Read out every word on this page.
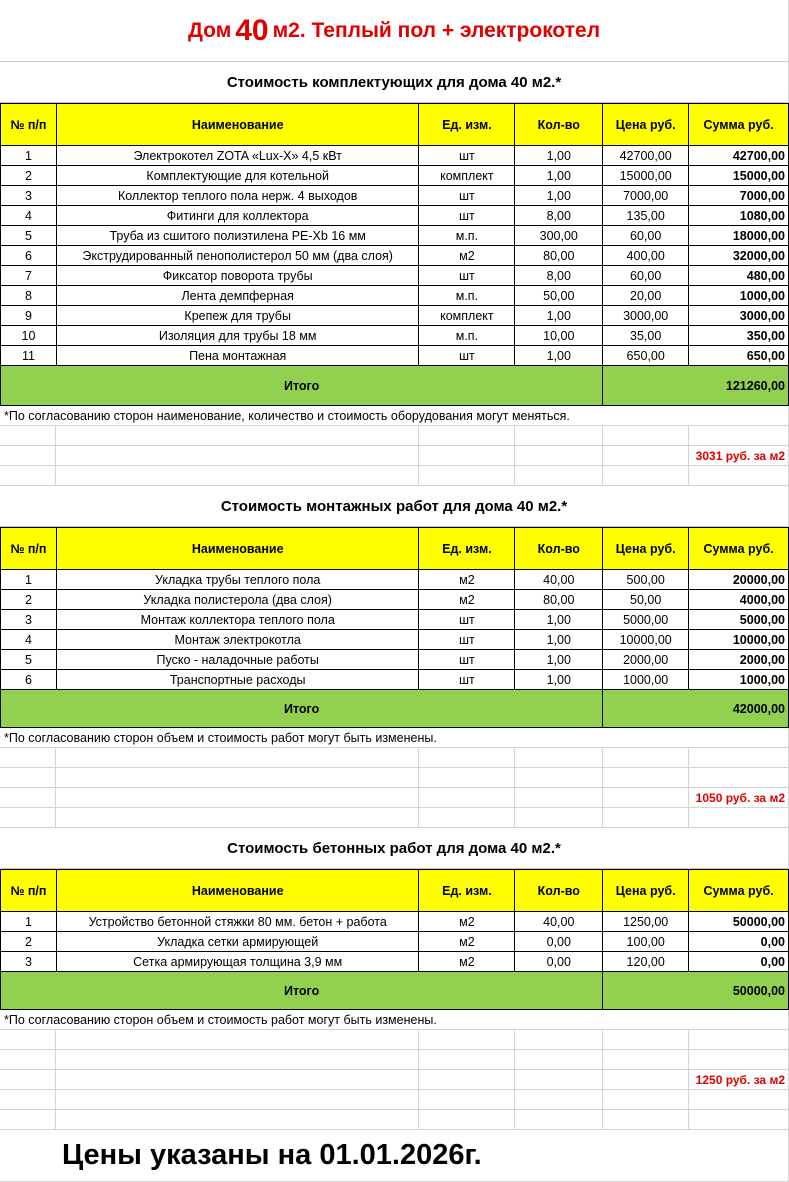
Дом 40 м2. Теплый пол + электрокотел
Стоимость комплектующих для дома 40 м2.*
№ п/п	Наименование	Ед. изм.	Кол-во	Цена руб.	Сумма руб.
1	Электрокотел ZOTA «Lux-X» 4,5 кВт	шт	1,00	42700,00	42700,00
2	Комплектующие для котельной	комплект	1,00	15000,00	15000,00
3	Коллектор теплого пола нерж. 4 выходов	шт	1,00	7000,00	7000,00
4	Фитинги для коллектора	шт	8,00	135,00	1080,00
5	Труба из сшитого полиэтилена PE-Xb 16 мм	м.п.	300,00	60,00	18000,00
6	Экструдированный пенополистерол 50 мм (два слоя)	м2	80,00	400,00	32000,00
7	Фиксатор поворота трубы	шт	8,00	60,00	480,00
8	Лента демпферная	м.п.	50,00	20,00	1000,00
9	Крепеж для трубы	комплект	1,00	3000,00	3000,00
10	Изоляция для трубы 18 мм	м.п.	10,00	35,00	350,00
11	Пена монтажная	шт	1,00	650,00	650,00
Итого	121260,00
*По согласованию сторон наименование, количество и стоимость оборудования могут меняться.
3031 руб. за м2
Стоимость монтажных работ для дома 40 м2.*
№ п/п	Наименование	Ед. изм.	Кол-во	Цена руб.	Сумма руб.
1	Укладка трубы теплого пола	м2	40,00	500,00	20000,00
2	Укладка полистерола (два слоя)	м2	80,00	50,00	4000,00
3	Монтаж коллектора теплого пола	шт	1,00	5000,00	5000,00
4	Монтаж электрокотла	шт	1,00	10000,00	10000,00
5	Пуско - наладочные работы	шт	1,00	2000,00	2000,00
6	Транспортные расходы	шт	1,00	1000,00	1000,00
Итого	42000,00
*По согласованию сторон объем и стоимость работ могут быть изменены.
1050 руб. за м2
Стоимость бетонных работ для дома 40 м2.*
№ п/п	Наименование	Ед. изм.	Кол-во	Цена руб.	Сумма руб.
1	Устройство бетонной стяжки 80 мм. бетон + работа	м2	40,00	1250,00	50000,00
2	Укладка сетки армирующей	м2	0,00	100,00	0,00
3	Сетка армирующая толщина 3,9 мм	м2	0,00	120,00	0,00
Итого	50000,00
*По согласованию сторон объем и стоимость работ могут быть изменены.
1250 руб. за м2
Цены указаны на 01.01.2026г.
